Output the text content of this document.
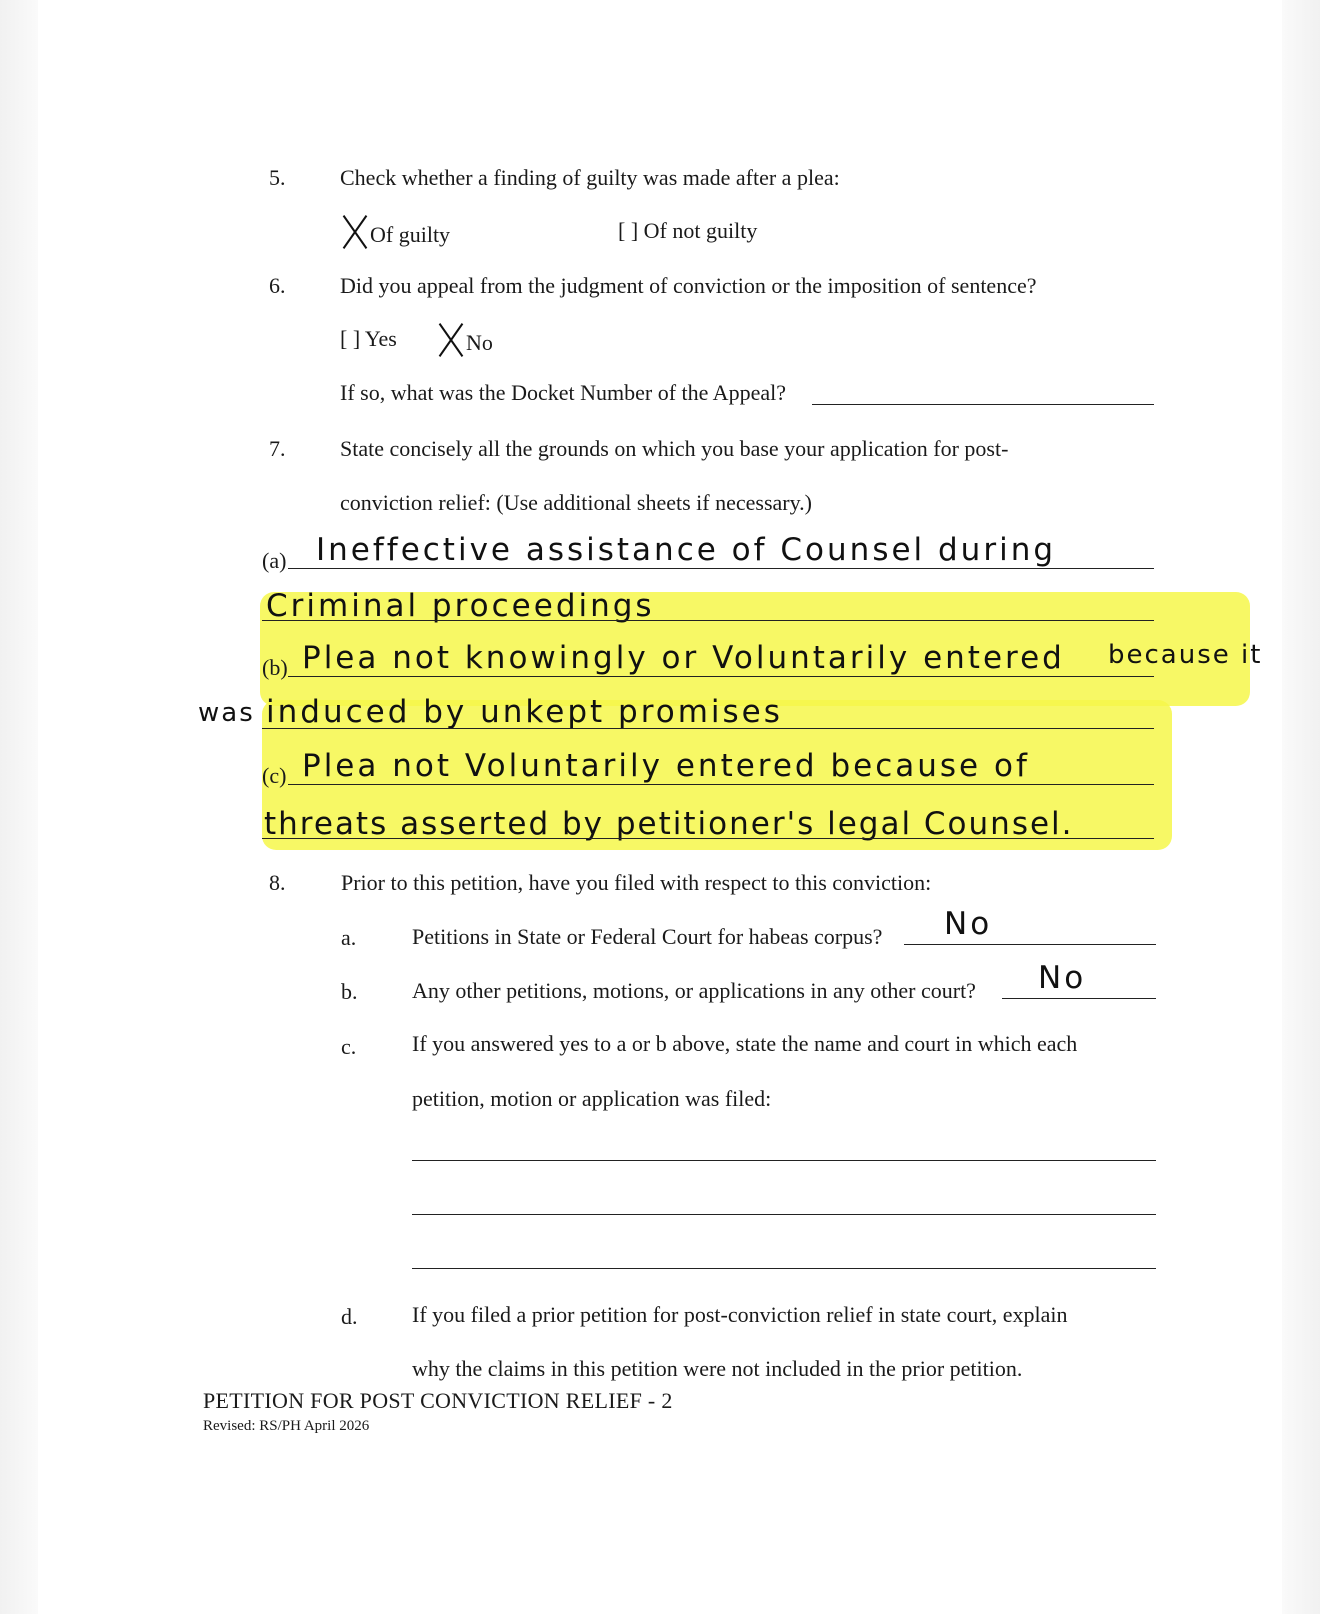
5. Check whether a finding of guilty was made after a plea:
Of guilty	[ ] Of not guilty
6. Did you appeal from the judgment of conviction or the imposition of sentence?
[ ] Yes	No
If so, what was the Docket Number of the Appeal?
7. State concisely all the grounds on which you base your application for post-
conviction relief: (Use additional sheets if necessary.)
(a) Ineffective assistance of Counsel during
Criminal proceedings
(b) Plea not knowingly or Voluntarily entered because it
was induced by unkept promises
(c) Plea not Voluntarily entered because of
threats asserted by petitioner's legal Counsel.
8.	Prior to this petition, have you filed with respect to this conviction:
a.	Petitions in State or Federal Court for habeas corpus? No
b. Any other petitions, motions, or applications in any other court? No
c.	If you answered yes to a or b above, state the name and court in which each
petition, motion or application was filed:
d. If you filed a prior petition for post-conviction relief in state court, explain
why the claims in this petition were not included in the prior petition.
PETITION FOR POST CONVICTION RELIEF - 2
Revised: RS/PH April 2026
